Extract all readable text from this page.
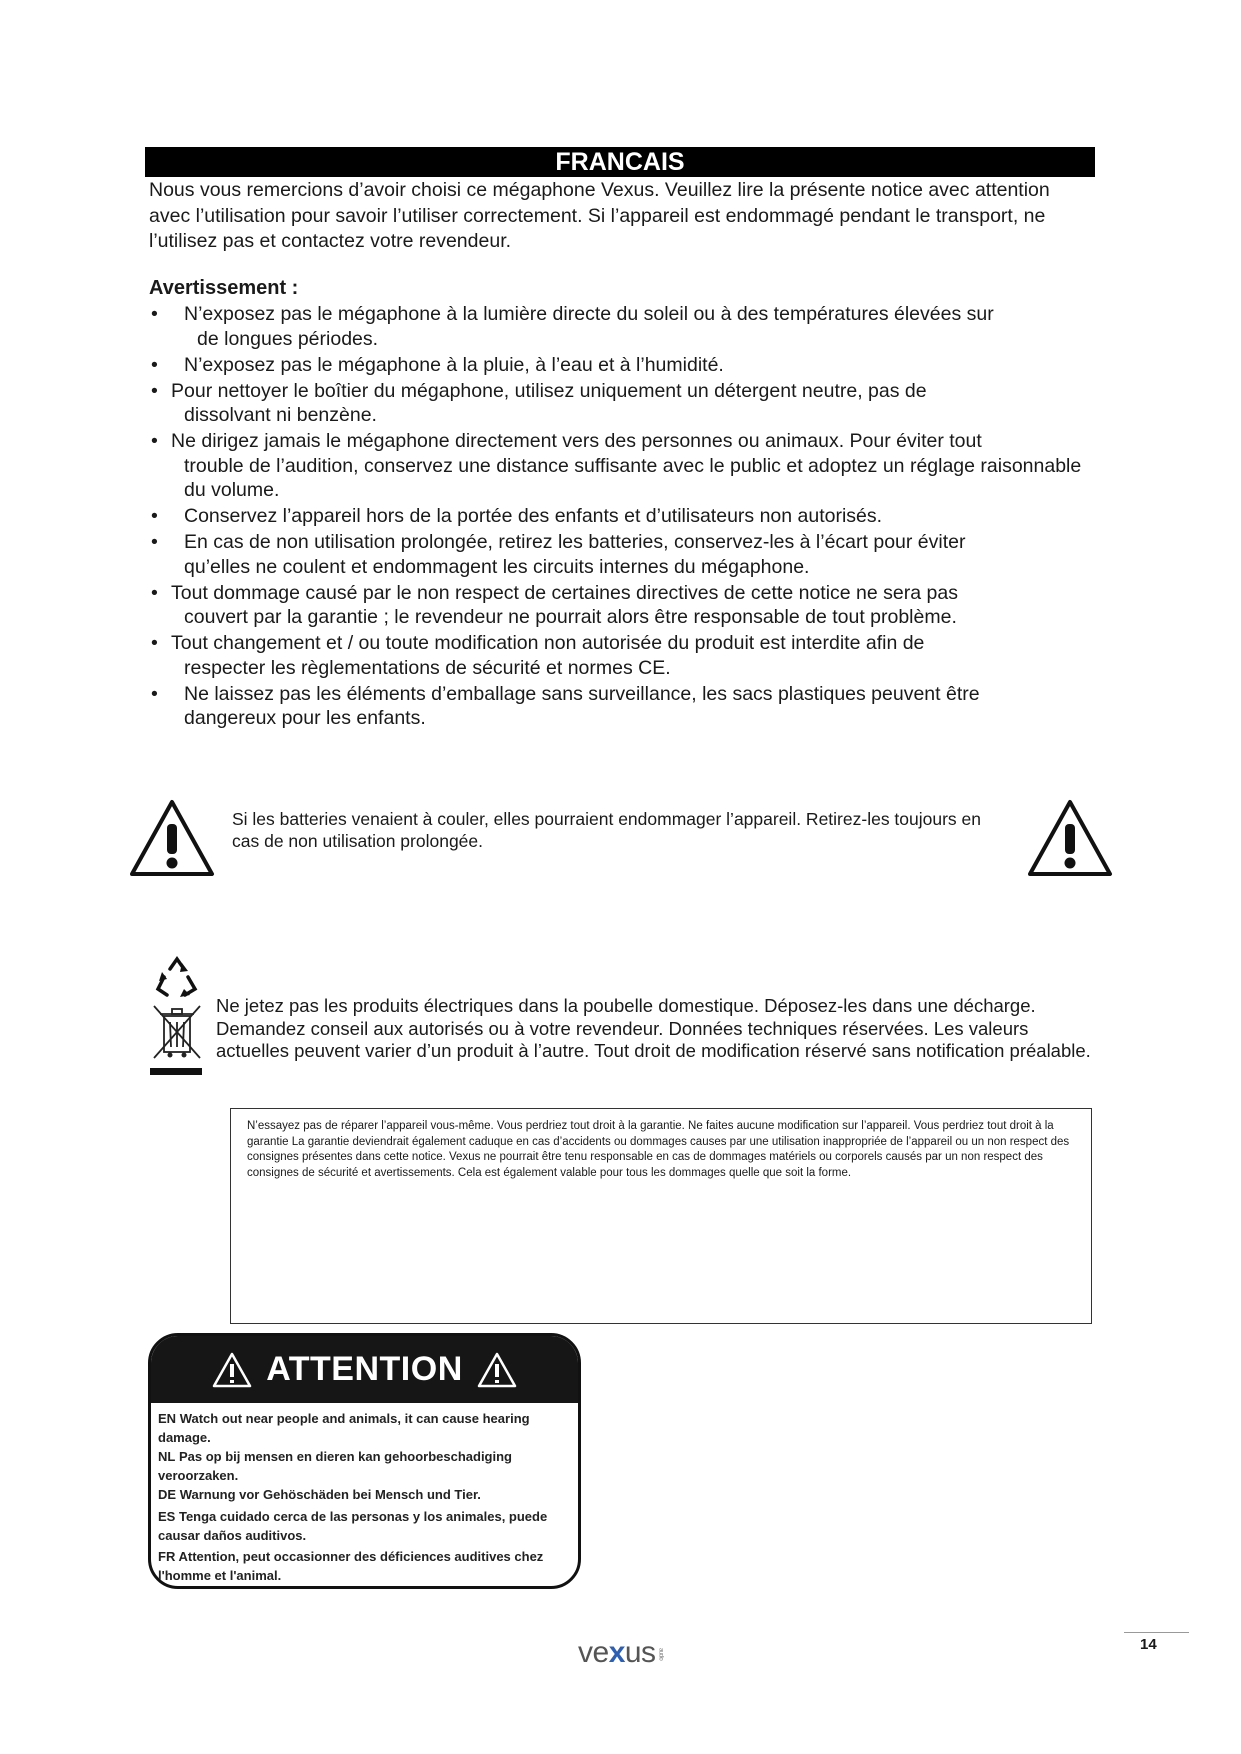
FRANCAIS
Nous vous remercions d’avoir choisi ce mégaphone Vexus. Veuillez lire la présente notice avec attention avec l’utilisation pour savoir l’utiliser correctement. Si l’appareil est endommagé pendant le transport, ne l’utilisez pas et contactez votre revendeur.
Avertissement :
• N’exposez pas le mégaphone à la lumière directe du soleil ou à des températures élevées sur
de longues périodes.
• N’exposez pas le mégaphone à la pluie, à l’eau et à l’humidité.
• Pour nettoyer le boîtier du mégaphone, utilisez uniquement un détergent neutre, pas de
dissolvant ni benzène.
• Ne dirigez jamais le mégaphone directement vers des personnes ou animaux. Pour éviter tout
trouble de l’audition, conservez une distance suffisante avec le public et adoptez un réglage raisonnable du volume.
• Conservez l’appareil hors de la portée des enfants et d’utilisateurs non autorisés.
• En cas de non utilisation prolongée, retirez les batteries, conservez-les à l’écart pour éviter
qu’elles ne coulent et endommagent les circuits internes du mégaphone.
• Tout dommage causé par le non respect de certaines directives de cette notice ne sera pas
couvert par la garantie ; le revendeur ne pourrait alors être responsable de tout problème.
• Tout changement et / ou toute modification non autorisée du produit est interdite afin de
respecter les règlementations de sécurité et normes CE.
• Ne laissez pas les éléments d’emballage sans surveillance, les sacs plastiques peuvent être
dangereux pour les enfants.
Si les batteries venaient à couler, elles pourraient endommager l’appareil. Retirez-les toujours en cas de non utilisation prolongée.
Ne jetez pas les produits électriques dans la poubelle domestique. Déposez-les dans une décharge. Demandez conseil aux autorisés ou à votre revendeur. Données techniques réservées. Les valeurs actuelles peuvent varier d’un produit à l’autre. Tout droit de modification réservé sans notification préalable.
N’essayez pas de réparer l’appareil vous-même. Vous perdriez tout droit à la garantie. Ne faites aucune modification sur l’appareil. Vous perdriez tout droit à la garantie La garantie deviendrait également caduque en cas d’accidents ou dommages causes par une utilisation inappropriée de l’appareil ou un non respect des consignes présentes dans cette notice. Vexus ne pourrait être tenu responsable en cas de dommages matériels ou corporels causés par un non respect des consignes de sécurité et avertissements. Cela est également valable pour tous les dommages quelle que soit la forme.
ATTENTION

EN Watch out near people and animals, it can cause hearing damage.

NL Pas op bij mensen en dieren kan gehoorbeschadiging veroorzaken.

DE Warnung vor Gehöschäden bei Mensch und Tier.

ES Tenga cuidado cerca de las personas y los animales, puede causar daños auditivos.

FR Attention, peut occasionner des déficiences auditives chez l'homme et l'animal.

vexus audio
14
